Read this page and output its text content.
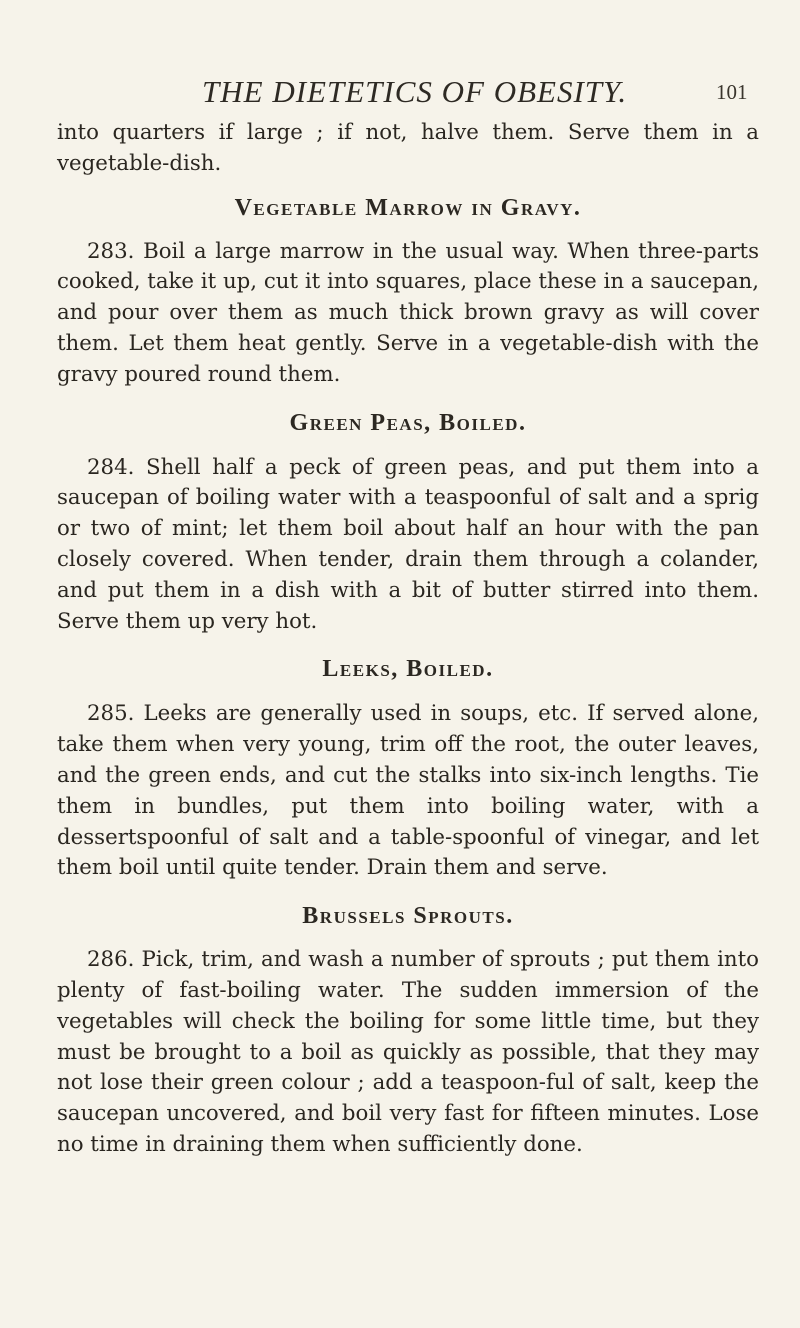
THE DIETETICS OF OBESITY.	101

into quarters if large ; if not, halve them. Serve them in a vegetable-dish.

Vegetable Marrow in Gravy.

283. Boil a large marrow in the usual way. When three-parts cooked, take it up, cut it into squares, place these in a saucepan, and pour over them as much thick brown gravy as will cover them. Let them heat gently. Serve in a vegetable-dish with the gravy poured round them.

Green Peas, Boiled.

284. Shell half a peck of green peas, and put them into a saucepan of boiling water with a teaspoonful of salt and a sprig or two of mint; let them boil about half an hour with the pan closely covered. When tender, drain them through a colander, and put them in a dish with a bit of butter stirred into them. Serve them up very hot.

Leeks, Boiled.

285. Leeks are generally used in soups, etc. If served alone, take them when very young, trim off the root, the outer leaves, and the green ends, and cut the stalks into six-inch lengths. Tie them in bundles, put them into boiling water, with a dessertspoonful of salt and a table-spoonful of vinegar, and let them boil until quite tender. Drain them and serve.

Brussels Sprouts.

286. Pick, trim, and wash a number of sprouts ; put them into plenty of fast-boiling water. The sudden immersion of the vegetables will check the boiling for some little time, but they must be brought to a boil as quickly as possible, that they may not lose their green colour ; add a teaspoon-ful of salt, keep the saucepan uncovered, and boil very fast for fifteen minutes. Lose no time in draining them when sufficiently done.
